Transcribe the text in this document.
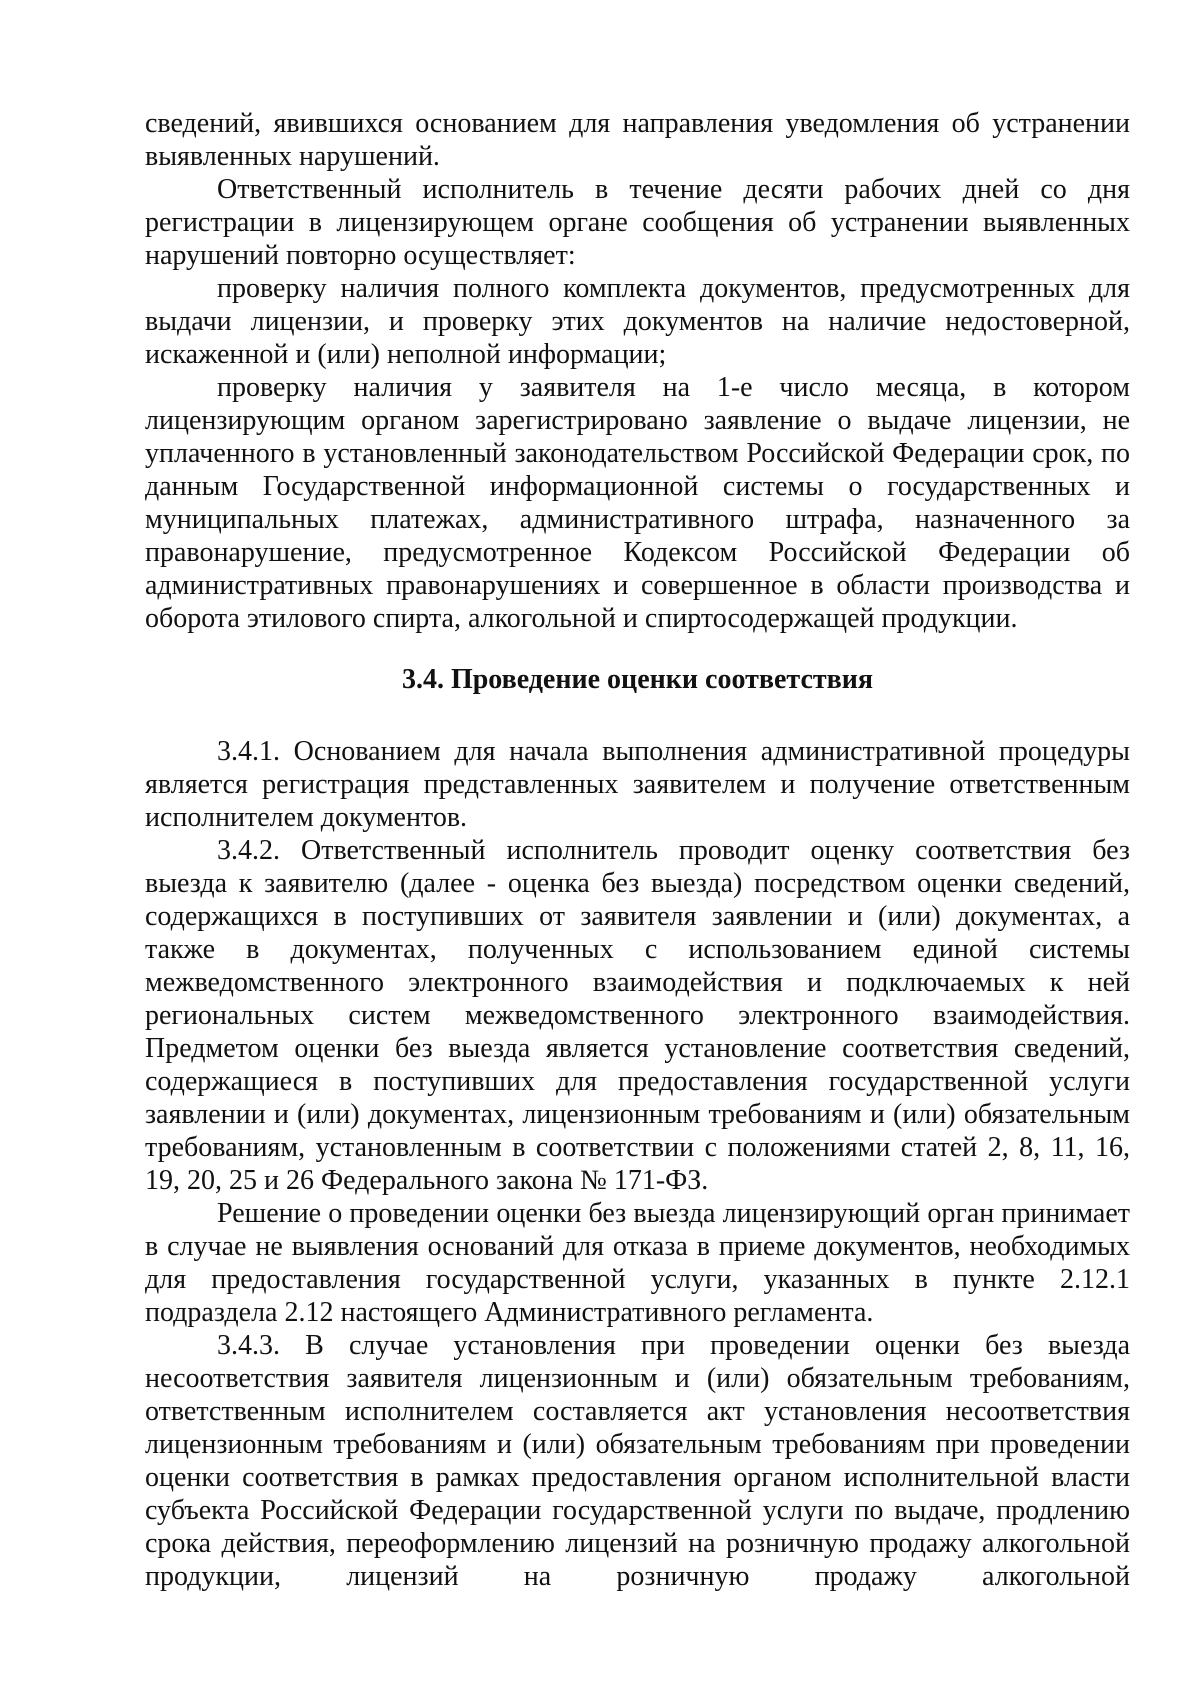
сведений, явившихся основанием для направления уведомления об устранении выявленных нарушений.

Ответственный исполнитель в течение десяти рабочих дней со дня регистрации в лицензирующем органе сообщения об устранении выявленных нарушений повторно осуществляет:

проверку наличия полного комплекта документов, предусмотренных для выдачи лицензии, и проверку этих документов на наличие недостоверной, искаженной и (или) неполной информации;

проверку наличия у заявителя на 1-е число месяца, в котором лицензирующим органом зарегистрировано заявление о выдаче лицензии, не уплаченного в установленный законодательством Российской Федерации срок, по данным Государственной информационной системы о государственных и муниципальных платежах, административного штрафа, назначенного за правонарушение, предусмотренное Кодексом Российской Федерации об административных правонарушениях и совершенное в области производства и оборота этилового спирта, алкогольной и спиртосодержащей продукции.

3.4. Проведение оценки соответствия

3.4.1. Основанием для начала выполнения административной процедуры является регистрация представленных заявителем и получение ответственным исполнителем документов.

3.4.2. Ответственный исполнитель проводит оценку соответствия без выезда к заявителю (далее - оценка без выезда) посредством оценки сведений, содержащихся в поступивших от заявителя заявлении и (или) документах, а также в документах, полученных с использованием единой системы межведомственного электронного взаимодействия и подключаемых к ней региональных систем межведомственного электронного взаимодействия. Предметом оценки без выезда является установление соответствия сведений, содержащиеся в поступивших для предоставления государственной услуги заявлении и (или) документах, лицензионным требованиям и (или) обязательным требованиям, установленным в соответствии с положениями статей 2, 8, 11, 16, 19, 20, 25 и 26 Федерального закона № 171-ФЗ.

Решение о проведении оценки без выезда лицензирующий орган принимает в случае не выявления оснований для отказа в приеме документов, необходимых для предоставления государственной услуги, указанных в пункте 2.12.1 подраздела 2.12 настоящего Административного регламента.

3.4.3. В случае установления при проведении оценки без выезда несоответствия заявителя лицензионным и (или) обязательным требованиям, ответственным исполнителем составляется акт установления несоответствия лицензионным требованиям и (или) обязательным требованиям при проведении оценки соответствия в рамках предоставления органом исполнительной власти субъекта Российской Федерации государственной услуги по выдаче, продлению срока действия, переоформлению лицензий на розничную продажу алкогольной продукции, лицензий на розничную продажу алкогольной
